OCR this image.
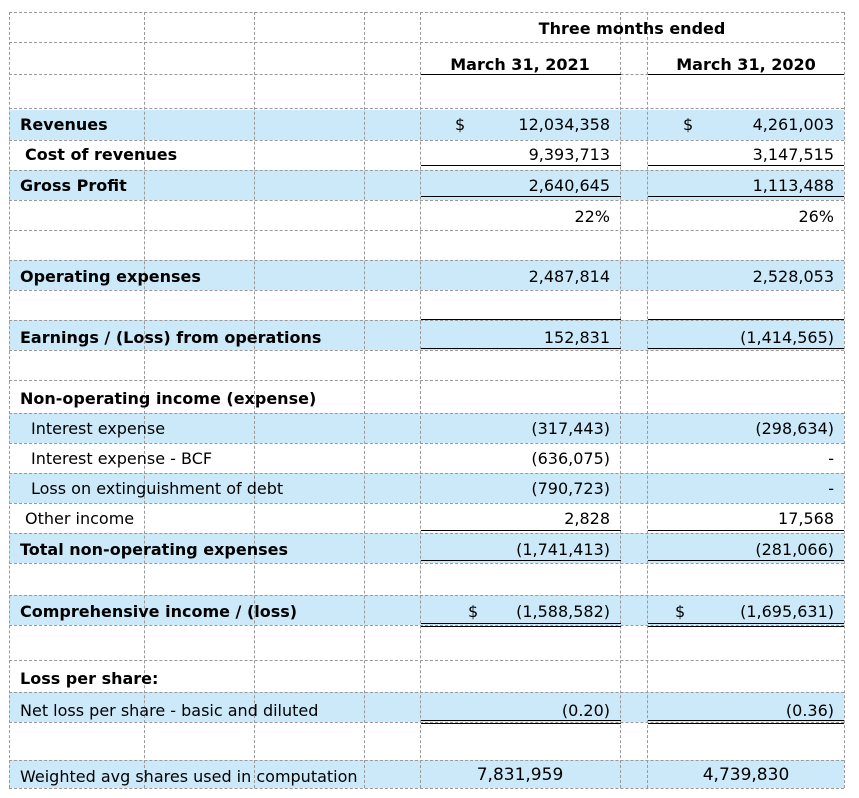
Three months ended
March 31, 2021	March 31, 2020
Revenues	$	12,034,358	$	4,261,003
Cost of revenues	9,393,713	3,147,515
Gross Profit	2,640,645	1,113,488
22%	26%
Operating expenses	2,487,814	2,528,053
Earnings / (Loss) from operations	152,831	(1,414,565)
Non-operating income (expense)
Interest expense	(317,443)	(298,634)
Interest expense - BCF	(636,075)	-
Loss on extinguishment of debt	(790,723)	-
Other income	2,828	17,568
Total non-operating expenses	(1,741,413)	(281,066)
Comprehensive income / (loss)	$	(1,588,582)	$	(1,695,631)
Loss per share:
Net loss per share - basic and diluted	(0.20)	(0.36)
Weighted avg shares used in computation	7,831,959	4,739,830
